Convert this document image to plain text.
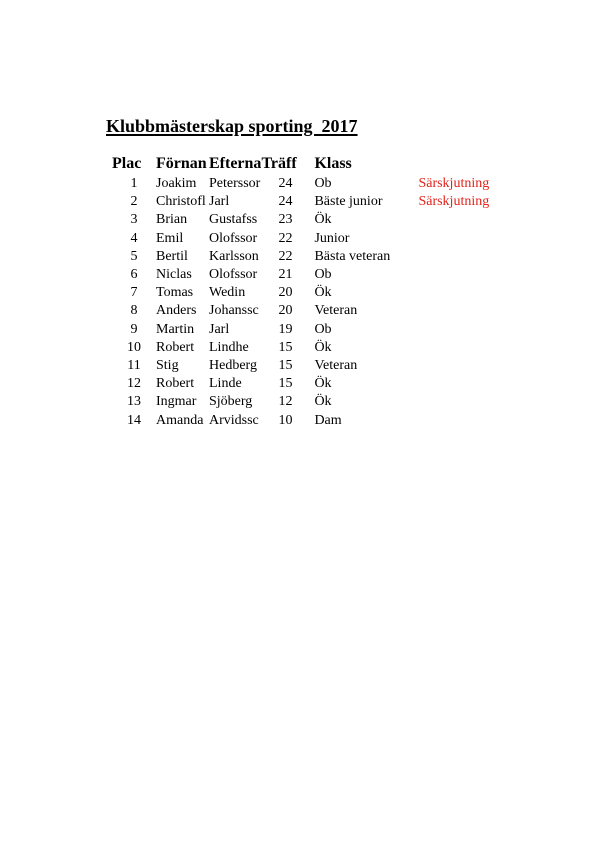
Klubbmästerskap sporting  2017
Plac	Förnan	Efterna	Träff	Klass	
1	Joakim	Peterssor	24	Ob	Särskjutning
2	Christofl	Jarl	24	Bäste junior	Särskjutning
3	Brian	Gustafss	23	Ök	
4	Emil	Olofssor	22	Junior	
5	Bertil	Karlsson	22	Bästa veteran	
6	Niclas	Olofssor	21	Ob	
7	Tomas	Wedin	20	Ök	
8	Anders	Johanssc	20	Veteran	
9	Martin	Jarl	19	Ob	
10	Robert	Lindhe	15	Ök	
11	Stig	Hedberg	15	Veteran	
12	Robert	Linde	15	Ök	
13	Ingmar	Sjöberg	12	Ök	
14	Amanda	Arvidssc	10	Dam	
